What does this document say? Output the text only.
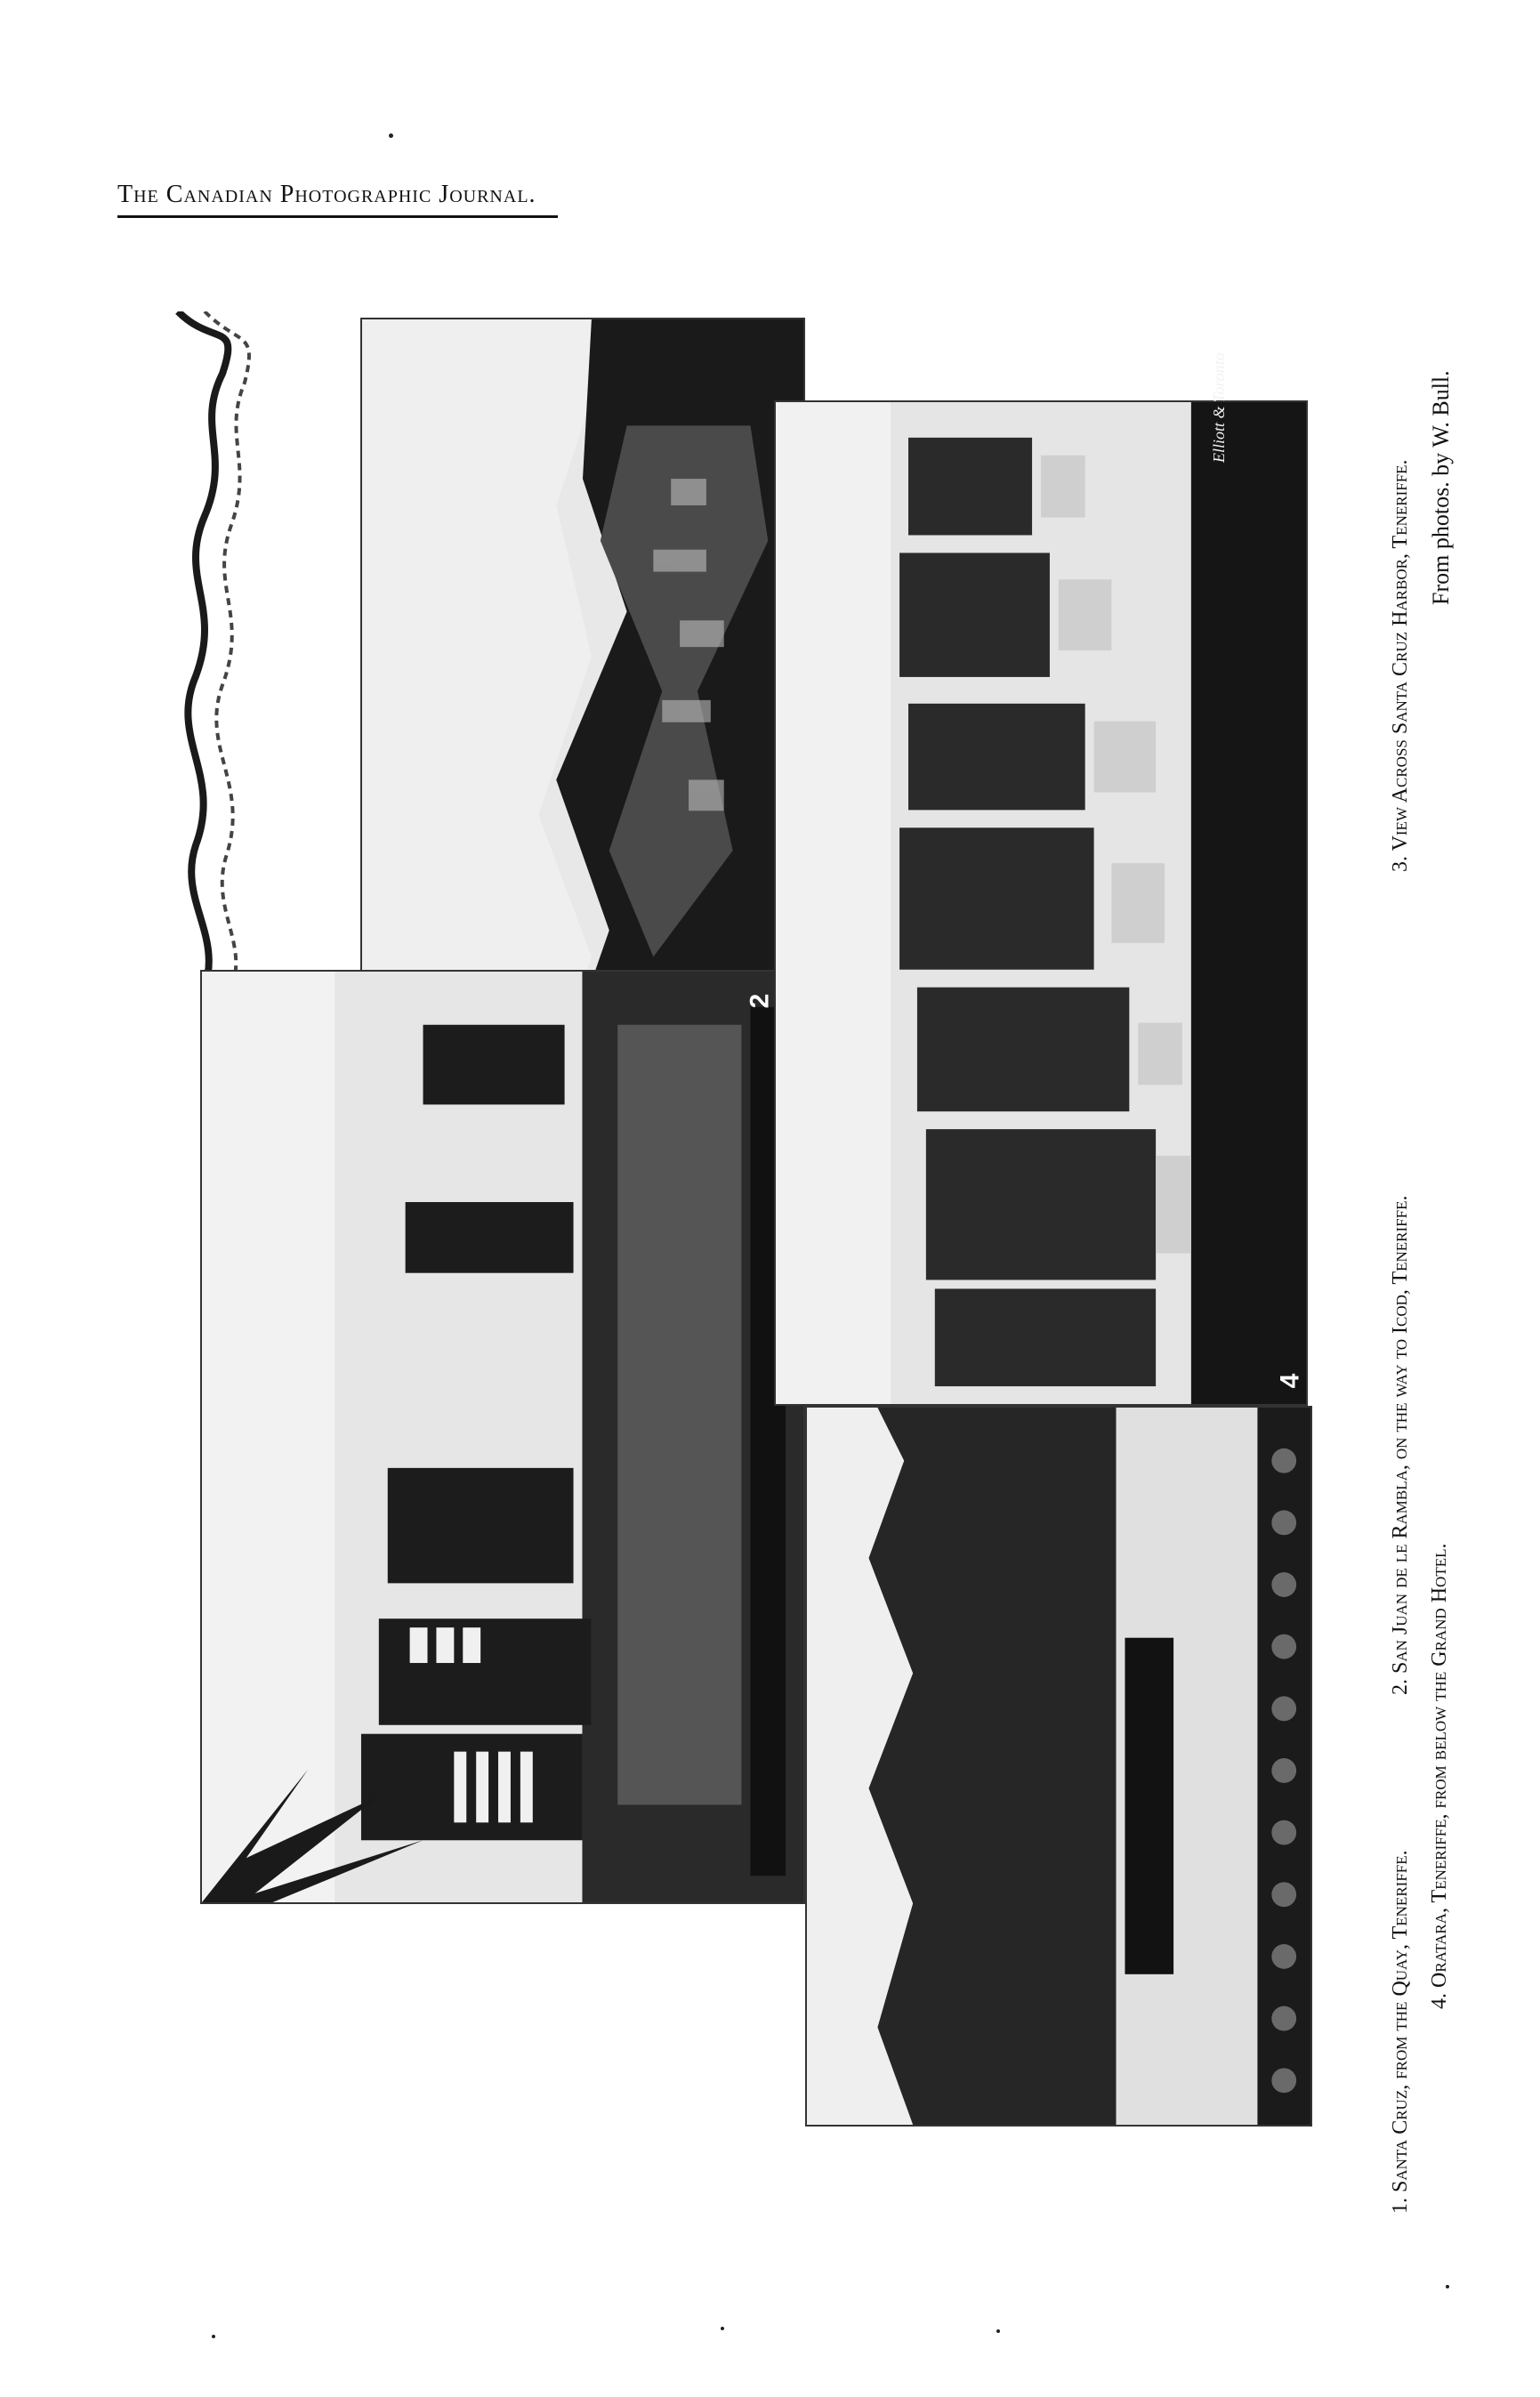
The Canadian Photographic Journal.
2
4
Elliott & Toronto
1. Santa Cruz, from the Quay, Teneriffe.
2. San Juan de le Rambla, on the way to Icod, Teneriffe.
3. View Across Santa Cruz Harbor, Teneriffe.
4. Oratara, Teneriffe, from below the Grand Hotel.
From photos. by W. Bull.
